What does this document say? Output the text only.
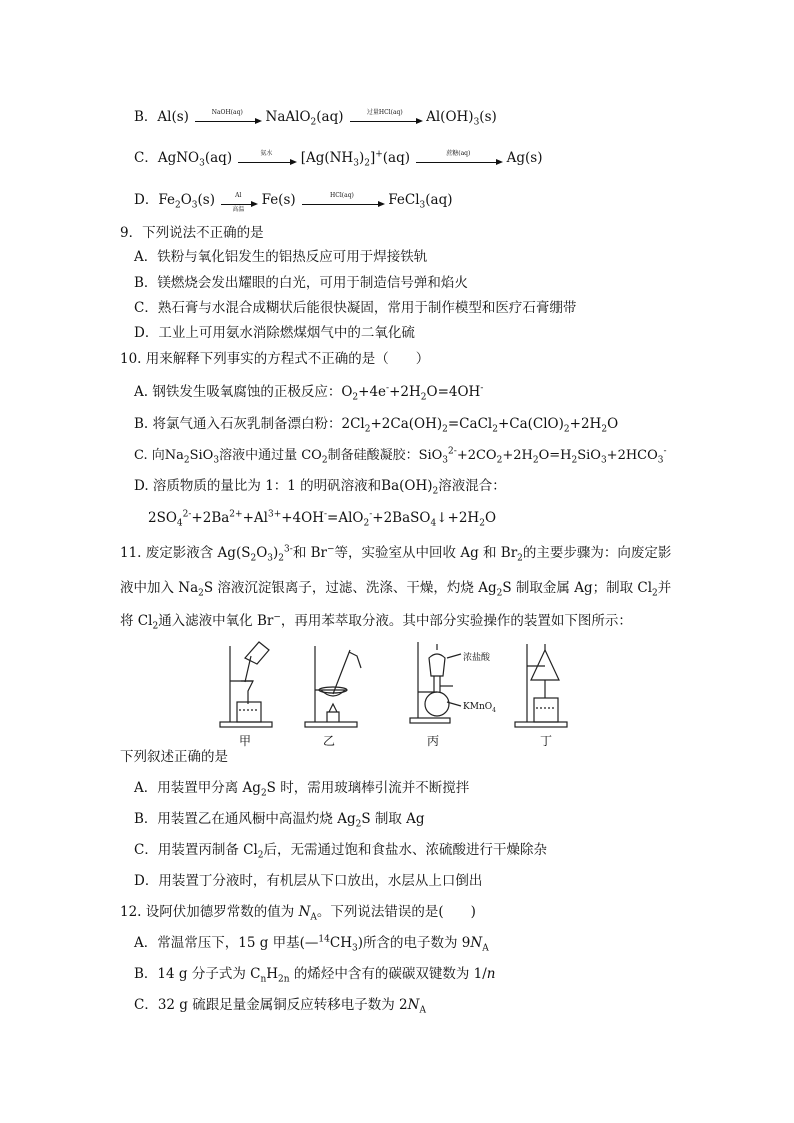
B．Al(s)	NaOH(aq)	NaAlO$_2$(aq)	过量HCl(aq)	$Al(OH)_3(s)$
C．AgNO$_3$(aq)	氨水	$[Ag(NH_3)_2]^+(aq)$	蔗糖(aq)	Ag(s)
D．$Fe_2O_3(s)$	Al
高温
Fe(s)	HCl(aq)	FeCl$_3$(aq)
9．下列说法不正确的是
A．铁粉与氧化铝发生的铝热反应可用于焊接铁轨
B．镁燃烧会发出耀眼的白光，可用于制造信号弹和焰火
C．熟石膏与水混合成糊状后能很快凝固，常用于制作模型和医疗石膏绷带
D．工业上可用氨水消除燃煤烟气中的二氧化硫
10. 用来解释下列事实的方程式不正确的是（　　）
A. 钢铁发生吸氧腐蚀的正极反应：$O_2+4e^-+2H_2O=4OH^-$
B. 将氯气通入石灰乳制备漂白粉：$2Cl_2+2Ca(OH)_2=CaCl_2+Ca(ClO)_2+2H_2O$
C. 向$Na_2SiO_3$溶液中通过量 $CO_2$制备硅酸凝胶：$SiO_3^{2-}+2CO_2+2H_2O=H_2SiO_3+2HCO_3^-$
D. 溶质物质的量比为 1：1 的明矾溶液和$Ba(OH)_2$溶液混合：
$2SO_4^{2-}+2Ba^{2+}+Al^{3+}+4OH^-=AlO_2^-+2BaSO_4↓+2H_2O$
11. 废定影液含 $Ag(S_2O_3)_2^{3-}$和 Br−等，实验室从中回收 Ag 和 $Br_2$的主要步骤为：向废定影
液中加入 $Na_2S$ 溶液沉淀银离子，过滤、洗涤、干燥，灼烧 $Ag_2S$ 制取金属 Ag；制取 $Cl_2$并
将 $Cl_2$通入滤液中氧化 Br−，再用苯萃取分液。其中部分实验操作的装置如下图所示：
甲	乙	丙	丁
浓盐酸
KMnO$_4$
下列叙述正确的是
A．用装置甲分离 $Ag_2S$ 时，需用玻璃棒引流并不断搅拌
B．用装置乙在通风橱中高温灼烧 $Ag_2S$ 制取 Ag
C．用装置丙制备 $Cl_2$后，无需通过饱和食盐水、浓硫酸进行干燥除杂
D．用装置丁分液时，有机层从下口放出，水层从上口倒出
12. 设阿伏加德罗常数的值为 $N_A$。下列说法错误的是(　　)
A．常温常压下，15 g 甲基$(—^{14}CH_3)$所含的电子数为 $9N_A$
B．14 g 分子式为 $C_nH_{2n}$ 的烯烃中含有的碳碳双键数为 1/n
C．32 g 硫跟足量金属铜反应转移电子数为 $2N_A$
